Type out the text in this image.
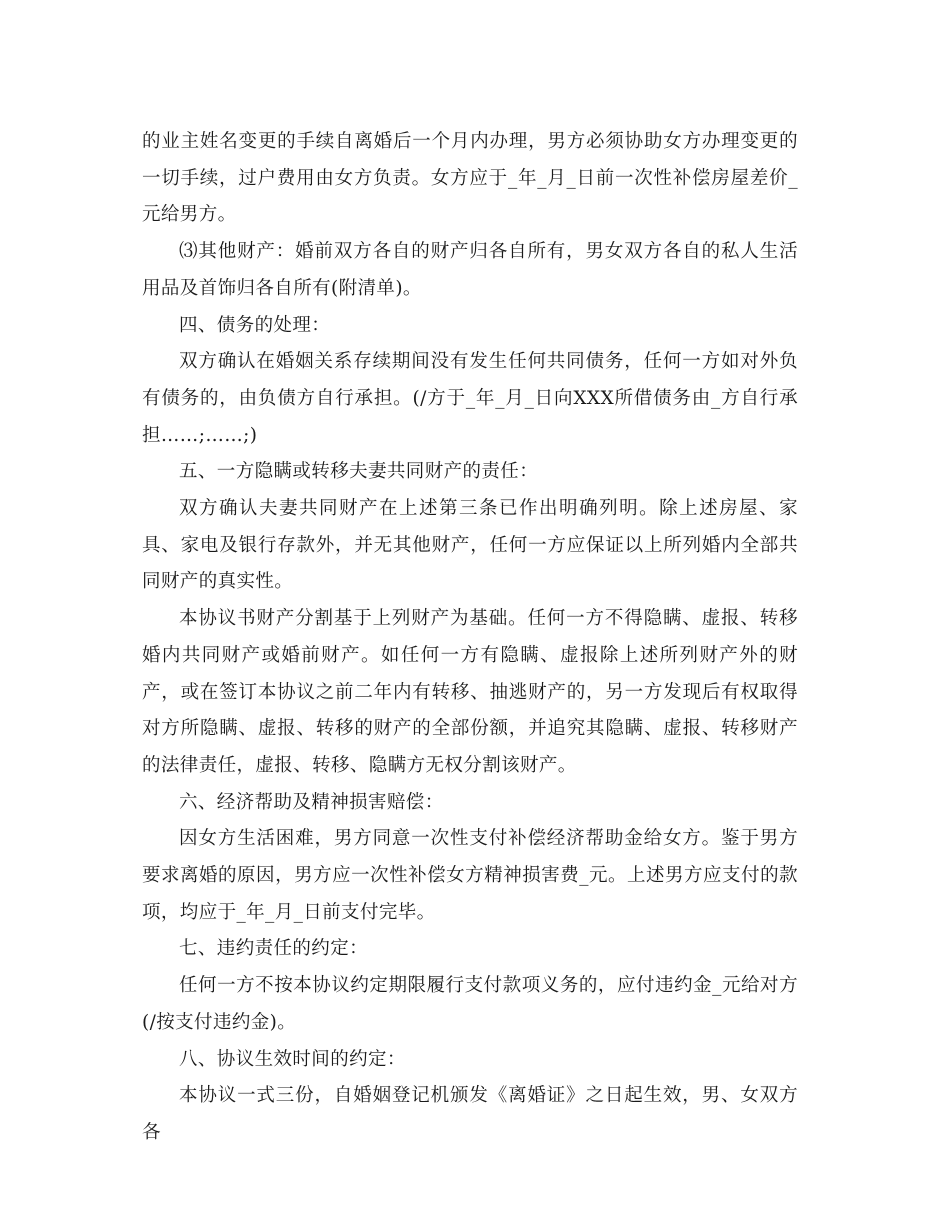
的业主姓名变更的手续自离婚后一个月内办理，男方必须协助女方办理变更的一切手续，过户费用由女方负责。女方应于_年_月_日前一次性补偿房屋差价_元给男方。

⑶其他财产：婚前双方各自的财产归各自所有，男女双方各自的私人生活用品及首饰归各自所有(附清单)。

四、债务的处理：

双方确认在婚姻关系存续期间没有发生任何共同债务，任何一方如对外负有债务的，由负债方自行承担。(/方于_年_月_日向XXX所借债务由_方自行承担……;……;)

五、一方隐瞒或转移夫妻共同财产的责任：

双方确认夫妻共同财产在上述第三条已作出明确列明。除上述房屋、家具、家电及银行存款外，并无其他财产，任何一方应保证以上所列婚内全部共同财产的真实性。

本协议书财产分割基于上列财产为基础。任何一方不得隐瞒、虚报、转移婚内共同财产或婚前财产。如任何一方有隐瞒、虚报除上述所列财产外的财产，或在签订本协议之前二年内有转移、抽逃财产的，另一方发现后有权取得对方所隐瞒、虚报、转移的财产的全部份额，并追究其隐瞒、虚报、转移财产的法律责任，虚报、转移、隐瞒方无权分割该财产。

六、经济帮助及精神损害赔偿：

因女方生活困难，男方同意一次性支付补偿经济帮助金给女方。鉴于男方要求离婚的原因，男方应一次性补偿女方精神损害费_元。上述男方应支付的款项，均应于_年_月_日前支付完毕。

七、违约责任的约定：

任何一方不按本协议约定期限履行支付款项义务的，应付违约金_元给对方(/按支付违约金)。

八、协议生效时间的约定：

本协议一式三份，自婚姻登记机颁发《离婚证》之日起生效，男、女双方各
